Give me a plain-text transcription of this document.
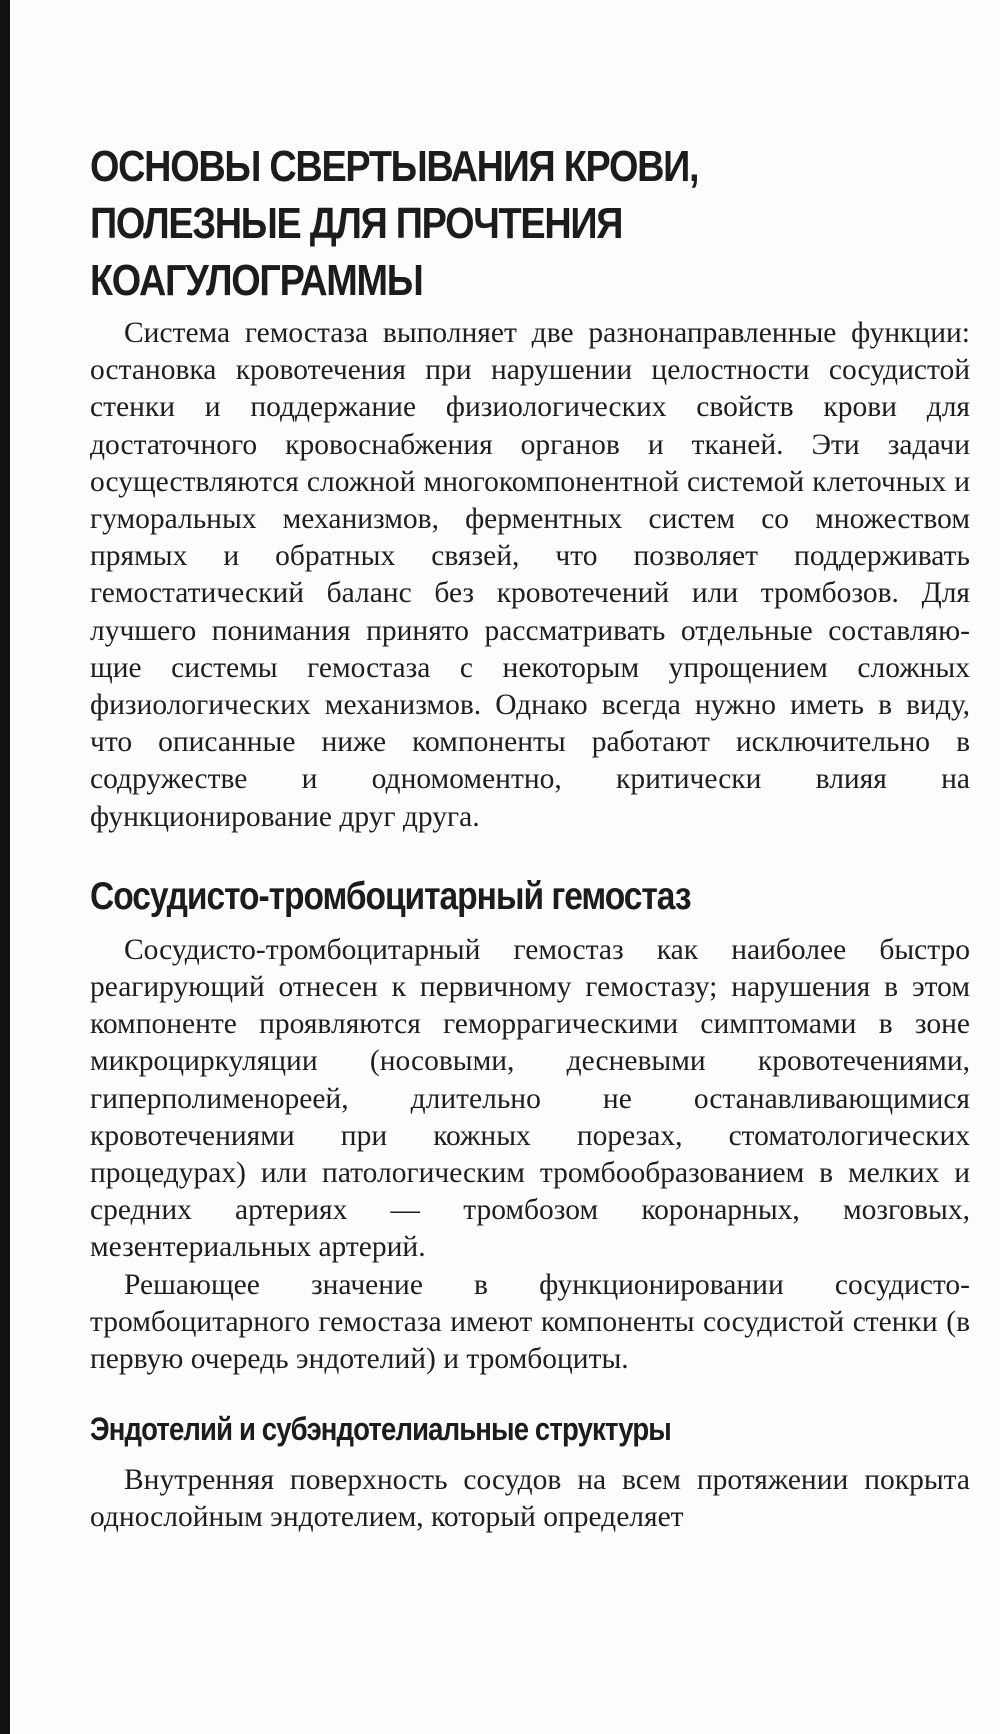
ОСНОВЫ СВЕРТЫВАНИЯ КРОВИ,
ПОЛЕЗНЫЕ ДЛЯ ПРОЧТЕНИЯ
КОАГУЛОГРАММЫ

Система гемостаза выполняет две разнонаправленные функции: остановка кровотечения при нарушении целостности сосудистой стенки и поддержание физиологических свойств крови для достаточного кровоснабжения органов и тканей. Эти задачи осуществляются сложной многокомпонентной системой клеточных и гуморальных механизмов, ферментных систем со множеством прямых и обратных связей, что позволяет поддерживать гемостатический баланс без кровотечений или тромбозов. Для лучшего понимания принято рассматривать отдельные составляющие системы гемостаза с некоторым упрощением сложных физиологических механизмов. Однако всегда нужно иметь в виду, что описанные ниже компоненты работают исключительно в содружестве и одномоментно, критически влияя на функционирование друг друга.

Сосудисто-тромбоцитарный гемостаз

Сосудисто-тромбоцитарный гемостаз как наиболее быстро реагирующий отнесен к первичному гемостазу; нарушения в этом компоненте проявляются геморрагическими симптомами в зоне микроциркуляции (носовыми, десневыми кровотечениями, гиперполименореей, длительно не останавливающимися кровотечениями при кожных порезах, стоматологических процедурах) или патологическим тромбообразованием в мелких и средних артериях — тромбозом коронарных, мозговых, мезентериальных артерий.

Решающее значение в функционировании сосудисто-тромбоцитарного гемостаза имеют компоненты сосудистой стенки (в первую очередь эндотелий) и тромбоциты.

Эндотелий и субэндотелиальные структуры

Внутренняя поверхность сосудов на всем протяжении покрыта однослойным эндотелием, который определяет
